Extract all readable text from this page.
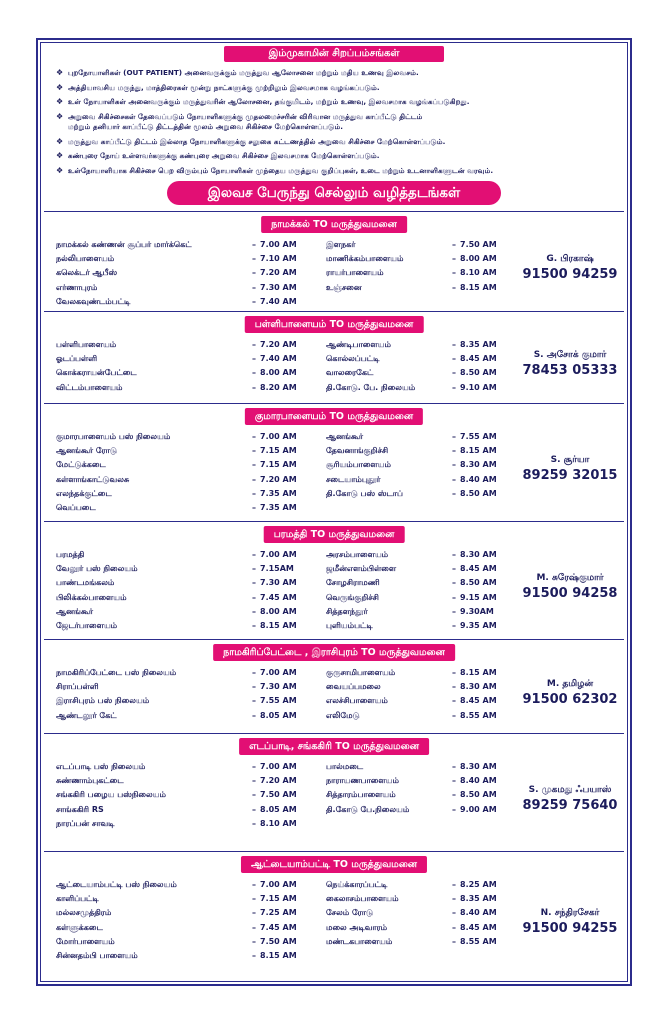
இம்முகாமின் சிறப்பம்சங்கள்
❖ புறநோயாளிகள் (OUT PATIENT) அனைவருக்கும் மருத்துவ ஆலோசனை மற்றும் மதிய உணவு இலவசம்.
❖ அத்தியாவசிய மருந்து, மாத்திரைகள் மூன்று நாட்களுக்கு முற்றிலும் இலவசமாக வழங்கப்படும்.
❖ உள் நோயாளிகள் அனைவருக்கும் மருத்துவரின் ஆலோசனை, தங்குமிடம், மற்றும் உணவு, இலவசமாக வழங்கப்படுகிறது.
❖ அறுவை சிகிச்சைகள் தேவைப்படும் நோயாளிகளுக்கு முதலமைச்சரின் விரிவான மருத்துவ காப்பீட்டு திட்டம்
மற்றும் தனியார் காப்பீட்டு திட்டத்தின் மூலம் அறுவை சிகிச்சை மேற்கொள்ளப்படும்.
❖ மருத்துவ காப்பீட்டு திட்டம் இல்லாத நோயாளிகளுக்கு சலுகை கட்டணத்தில் அறுவை சிகிச்சை மேற்கொள்ளப்படும்.
❖ கண்புரை நோய் உள்ளவர்களுக்கு கண்புரை அறுவை சிகிச்சை இலவசமாக மேற்கொள்ளப்படும்.
❖ உள்நோயாளியாக சிகிச்சை பெற விரும்பும் நோயாளிகள் முந்தைய மருத்துவ குறிப்புகள், உடை மற்றும் உடனாளிகளுடன் வரவும்.
இலவச பேருந்து செல்லும் வழித்தடங்கள்
நாமக்கல் TO மருத்துவமனை
நாமக்கல் கண்ணன் சூப்பர் மார்க்கெட்	– 7.00 AM
நல்லிபாளையம்	– 7.10 AM
கலெக்டர் ஆபீஸ்	– 7.20 AM
எர்ணாபுரம்	– 7.30 AM
வேலகவுண்டம்பட்டி	– 7.40 AM
இளநகர்	– 7.50 AM
மாணிக்கம்பாளையம்	– 8.00 AM
ராயர்பாளையம்	– 8.10 AM
உஞ்சனை	– 8.15 AM
G. பிரகாஷ்
91500 94259
பள்ளிபாளையம் TO மருத்துவமனை
பள்ளிபாளையம்	– 7.20 AM
ஓடப்பள்ளி	– 7.40 AM
கொக்கராயன்பேட்டை	– 8.00 AM
விட்டம்பாளையம்	– 8.20 AM
ஆண்டிபாளையம்	– 8.35 AM
கொல்லப்பட்டி	– 8.45 AM
வாலரைகேட்	– 8.50 AM
தி.கோடு. பே. நிலையம்	– 9.10 AM
S. அசோக் குமார்
78453 05333
குமாரபாளையம் TO மருத்துவமனை
குமாரபாளையம் பஸ் நிலையம்	– 7.00 AM
ஆனங்கூர் ரோடு	– 7.15 AM
மேட்டுக்கடை	– 7.15 AM
கள்ளாங்காட்டுவலசு	– 7.20 AM
எலந்தக்குட்டை	– 7.35 AM
வெப்படை	– 7.35 AM
ஆனங்கூர்	– 7.55 AM
தேவனாங்குறிச்சி	– 8.15 AM
சூரியம்பாளையம்	– 8.30 AM
சடையாம்புதூர்	– 8.40 AM
தி.கோடு பஸ் ஸ்டாப்	– 8.50 AM
S. சூர்யா
89259 32015
பரமத்தி TO மருத்துவமனை
பரமத்தி	– 7.00 AM
வேலூர் பஸ் நிலையம்	– 7.15AM
பாண்டமங்கலம்	– 7.30 AM
பிலிக்கல்பாளையம்	– 7.45 AM
ஆனங்கூர்	– 8.00 AM
ஜேடர்பாளையம்	– 8.15 AM
அரசம்பாளையம்	– 8.30 AM
ஜமீன்எளம்பிள்ளை	– 8.45 AM
சோழசிராமணி	– 8.50 AM
வெருங்குறிச்சி	– 9.15 AM
சித்தளந்தூர்	– 9.30AM
புளியம்பட்டி	– 9.35 AM
M. சுரேஷ்குமார்
91500 94258
நாமகிரிப்பேட்டை , இராசிபுரம் TO மருத்துவமனை
நாமகிரிப்பேட்டை பஸ் நிலையம்	– 7.00 AM
சிராப்பள்ளி	– 7.30 AM
இராசிபுரம் பஸ் நிலையம்	– 7.55 AM
ஆண்டலூர் கேட்	– 8.05 AM
குருசாமிபாளையம்	– 8.15 AM
வையப்பமலை	– 8.30 AM
எலச்சிபாளையம்	– 8.45 AM
எலிமேடு	– 8.55 AM
M. தமிழன்
91500 62302
எடப்பாடி, சங்ககிரி TO மருத்துவமனை
எடப்பாடி பஸ் நிலையம்	– 7.00 AM
சுண்ணாம்புகட்டை	– 7.20 AM
சங்ககிரி பழைய பஸ்நிலையம்	– 7.50 AM
சாங்ககிரி RS	– 8.05 AM
நாரப்பன் சாவடி	– 8.10 AM
பால்மடை	– 8.30 AM
நாராயணபாளையம்	– 8.40 AM
சித்தாரம்பாளையம்	– 8.50 AM
தி.கோடு பே.நிலையம்	– 9.00 AM
S. முகமது ஃபயாஸ்
89259 75640
ஆட்டையாம்பட்டி TO மருத்துவமனை
ஆட்டையாம்பட்டி பஸ் நிலையம்	– 7.00 AM
காளிப்பட்டி	– 7.15 AM
மல்லசமுத்திரம்	– 7.25 AM
கள்ளுக்கடை	– 7.45 AM
மோர்பாளையம்	– 7.50 AM
சின்னதம்பி பாளையம்	– 8.15 AM
நெய்க்காரப்பட்டி	– 8.25 AM
கைலாசம்பாளையம்	– 8.35 AM
சேலம் ரோடு	– 8.40 AM
மலை அடிவாரம்	– 8.45 AM
மண்டகபாளையம்	– 8.55 AM
N. சந்திரசேகர்
91500 94255
